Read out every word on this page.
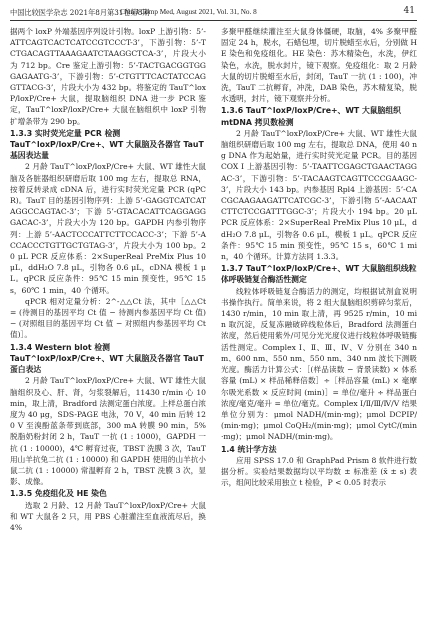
中国比较医学杂志 2021年8月第31卷第8期
Chin J Comp Med, August 2021, Vol. 31, No. 8	41

据两个 loxP 外端基因序列设计引物。loxP 上游引物：5’-ATTCAGTCACTCATCCGTCCCT-3’，下游引物：5’-TCTGACAGTTAAAGAATCTAAGGCTCA-3’，片段大小为 712 bp。Cre 鉴定上游引物：5’-TACTGACGGTGGGAGAATG-3’，下游引物：5’-CTGTTTCACTATCCAGGTTACG-3’，片段大小为 432 bp。将鉴定的 TauT^loxP/loxP/Cre+ 大鼠，提取脑组织 DNA 进一步 PCR 鉴定，TauT^loxP/loxP/Cre+ 大鼠在脑组织中 loxP 引物扩增条带为 290 bp。

1.3.3 实时荧光定量 PCR 检测 TauT^loxP/loxP/Cre+、WT 大鼠脑及各器官 TauT 基因表达量

2 月龄 TauT^loxP/loxP/Cre+ 大鼠、WT 雄性大鼠脑及各脏器组织研磨后取 100 mg 左右，提取总 RNA，按着反转录成 cDNA 后，进行实时荧光定量 PCR (qPCR)。TauT 目的基因引物序列：上游 5’-GAGGTCATCATAGGCCAGTAC-3’；下游 5’-GTACACATTCAGGAGGGACAC-3’，片段大小为 120 bp。GAPDH 内参引物序列：上游 5’-AACTCCCATTCTTCCACC-3’；下游 5’-ACCACCCTGTTGCTGTAG-3’，片段大小为 100 bp。20 μL PCR 反应体系：2×SuperReal PreMix Plus 10 μL，ddH₂O 7.8 μL，引物各 0.6 μL，cDNA 模板 1 μL。qPCR 反应条件：95℃ 15 min 预变性，95℃ 15 s，60℃ 1 min，40 个循环。

qPCR 相对定量分析：2^-△△Ct 法，其中［△△Ct = (待测目的基因平均 Ct 值 − 待测内参基因平均 Ct 值) − (对照组目的基因平均 Ct 值 − 对照组内参基因平均 Ct 值)］。

1.3.4 Western blot 检测 TauT^loxP/loxP/Cre+、WT 大鼠脑及各器官 TauT 蛋白表达

2 月龄 TauT^loxP/loxP/Cre+ 大鼠、WT 雄性大鼠脑组织及心、肝、肾，匀浆裂解后，11430 r/min 心 10 min，取上清，Bradford 法测定蛋白浓度。上样总蛋白浓度为 40 μg，SDS-PAGE 电泳，70 V，40 min 后转 120 V 至溴酚蓝条带到底部，300 mA 转膜 90 min，5% 脱脂奶粉封闭 2 h，TauT 一抗 (1 : 1000)，GAPDH 一抗 (1 : 10000)，4℃ 孵育过夜，TBST 洗膜 3 次，TauT 用山羊抗兔二抗 (1 : 10000) 和 GAPDH 使用的山羊抗小鼠二抗 (1 : 10000) 常温孵育 2 h，TBST 洗膜 3 次，显影、成像。

1.3.5 免疫组化及 HE 染色

选取 2 月龄、12 月龄 TauT^loxP/loxP/Cre+ 大鼠和 WT 大鼠各 2 只，用 PBS 心脏灌注至血液流尽后，换 4%

多聚甲醛继续灌注至大鼠身体僵硬，取脑，4% 多聚甲醛固定 24 h，脱水，石蜡包埋，切片脱蜡至水后，分别做 HE 染色和免疫组化。HE 染色：苏木精染色，水洗，伊红染色，水洗，脱水封片，镜下观察。免疫组化：取 2 月龄大鼠的切片脱蜡至水后，封闭，TauT 一抗 (1 : 100)，冲洗，TauT 二抗孵育，冲洗，DAB 染色，苏木精复染，脱水透明，封片，镜下观察并分析。

1.3.6 TauT^loxP/loxP/Cre+、WT 大鼠脑组织 mtDNA 拷贝数检测

2 月龄 TauT^loxP/loxP/Cre+ 大鼠、WT 雄性大鼠脑组织研磨后取 100 mg 左右，提取总 DNA，使用 40 ng DNA 作为起始量，进行实时荧光定量 PCR。目的基因 COX Ⅰ 上游基因引物：5’-TAATTCGAGCTGAACTAGGAC-3’，下游引物：5’-TACAAGTCAGTTCCCGAAGC-3’，片段大小 143 bp。内参基因 Rpl4 上游基因：5’-CACGCAAGAAGATTCATCGC-3’，下游引物 5’-AACAATCTTCTCCGATTTGGC-3’；片段大小 194 bp。20 μL PCR 反应体系：2×SuperReal PreMix Plus 10 μL，ddH₂O 7.8 μL，引物各 0.6 μL，模板 1 μL。qPCR 反应条件：95℃ 15 min 预变性，95℃ 15 s，60℃ 1 min，40 个循环。计算方法同 1.3.3。

1.3.7 TauT^loxP/loxP/Cre+、WT 大鼠脑组织线粒体呼吸链复合酶活性测定

线粒体呼吸链复合酶活力的测定，均根据试剂盒说明书操作执行。简单来说，将 2 组大鼠脑组织剪碎匀浆后，1430 r/min，10 min 取上清，再 9525 r/min，10 min 取沉淀，反复冻融破碎线粒体后，Bradford 法测蛋白浓度，然后使用紫外/可见分光光度仪进行线粒体呼吸链酶活性测定。Complex Ⅰ、Ⅱ、Ⅲ、Ⅳ、Ⅴ 分别在 340 nm、600 nm、550 nm、550 nm、340 nm 波长下测吸光度。酶活力计算公式：［(样品读数 − 背景读数) × 体系容量 (mL) × 样品稀释倍数］÷［样品容量 (mL) × 毫摩尔吸光系数 × 反应时间 (min)］= 单位/毫升 ÷ 样品蛋白浓度/毫克/毫升 = 单位/毫克。Complex Ⅰ/Ⅱ/Ⅲ/Ⅳ/Ⅴ 结果单位分别为：μmol NADH/(min·mg)；μmol DCPIP/(min·mg)；μmol CoQH₂/(min·mg)；μmol CytC/(min·mg)；μmol NADH/(min·mg)。

1.4 统计学方法

应用 SPSS 17.0 和 GraphPad Prism 8 软件进行数据分析。实验结果数据均以平均数 ± 标准差 (x̄ ± s) 表示，组间比较采用独立 t 检验，P < 0.05 时表示
